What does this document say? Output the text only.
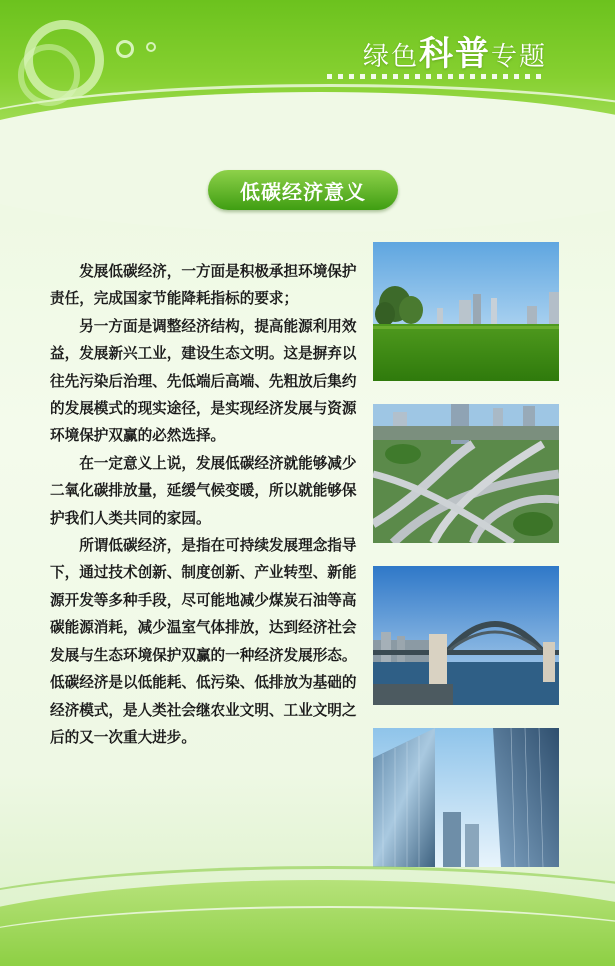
绿色科普专题
低碳经济意义

发展低碳经济，一方面是积极承担环境保护责任，完成国家节能降耗指标的要求；

另一方面是调整经济结构，提高能源利用效益，发展新兴工业，建设生态文明。这是摒弃以往先污染后治理、先低端后高端、先粗放后集约的发展模式的现实途径，是实现经济发展与资源环境保护双赢的必然选择。

在一定意义上说，发展低碳经济就能够减少二氧化碳排放量，延缓气候变暖，所以就能够保护我们人类共同的家园。

所谓低碳经济，是指在可持续发展理念指导下，通过技术创新、制度创新、产业转型、新能源开发等多种手段，尽可能地减少煤炭石油等高碳能源消耗，减少温室气体排放，达到经济社会发展与生态环境保护双赢的一种经济发展形态。低碳经济是以低能耗、低污染、低排放为基础的经济模式，是人类社会继农业文明、工业文明之后的又一次重大进步。
